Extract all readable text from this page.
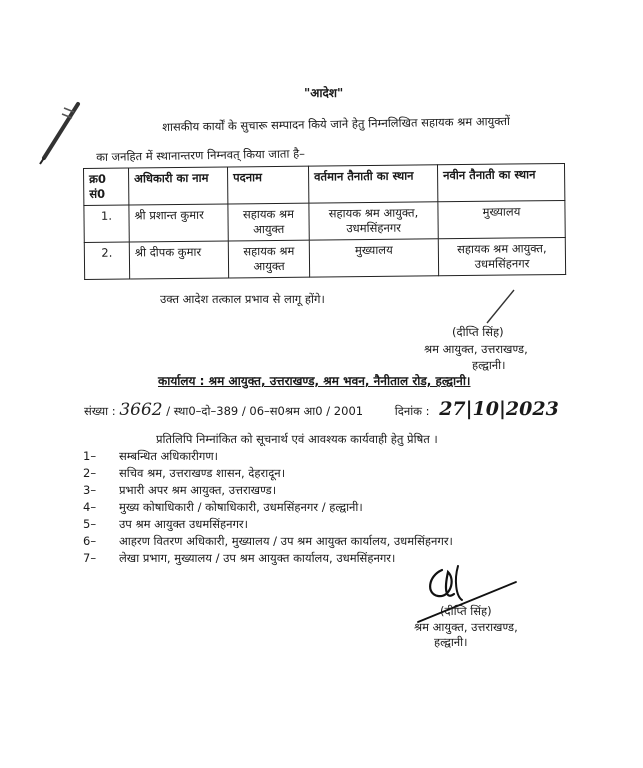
"आदेश"
शासकीय कार्यों के सुचारू सम्पादन किये जाने हेतु निम्नलिखित सहायक श्रम आयुक्तों
का जनहित में स्थानान्तरण निम्नवत् किया जाता है–
क्र0 सं0	अधिकारी का नाम	पदनाम	वर्तमान तैनाती का स्थान	नवीन तैनाती का स्थान
1.	श्री प्रशान्त कुमार	सहायक श्रम आयुक्त	सहायक श्रम आयुक्त, उधमसिंहनगर	मुख्यालय
2.	श्री दीपक कुमार	सहायक श्रम आयुक्त	मुख्यालय	सहायक श्रम आयुक्त, उधमसिंहनगर
उक्त आदेश तत्काल प्रभाव से लागू होंगे।
(दीप्ति सिंह)
श्रम आयुक्त, उत्तराखण्ड,
हल्द्वानी।
कार्यालय : श्रम आयुक्त, उत्तराखण्ड, श्रम भवन, नैनीताल रोड, हल्द्वानी।
संख्या : 3662 / स्था0–दो–389 / 06–स0श्रम आ0 / 2001	दिनांक : 27|10|2023
प्रतिलिपि निम्नांकित को सूचनार्थ एवं आवश्यक कार्यवाही हेतु प्रेषित ।
1– सम्बन्धित अधिकारीगण।
2– सचिव श्रम, उत्तराखण्ड शासन, देहरादून।
3– प्रभारी अपर श्रम आयुक्त, उत्तराखण्ड।
4– मुख्य कोषाधिकारी / कोषाधिकारी, उधमसिंहनगर / हल्द्वानी।
5– उप श्रम आयुक्त उधमसिंहनगर।
6– आहरण वितरण अधिकारी, मुख्यालय / उप श्रम आयुक्त कार्यालय, उधमसिंहनगर।
7– लेखा प्रभाग, मुख्यालय / उप श्रम आयुक्त कार्यालय, उधमसिंहनगर।
(दीप्ति सिंह)
श्रम आयुक्त, उत्तराखण्ड,
हल्द्वानी।
